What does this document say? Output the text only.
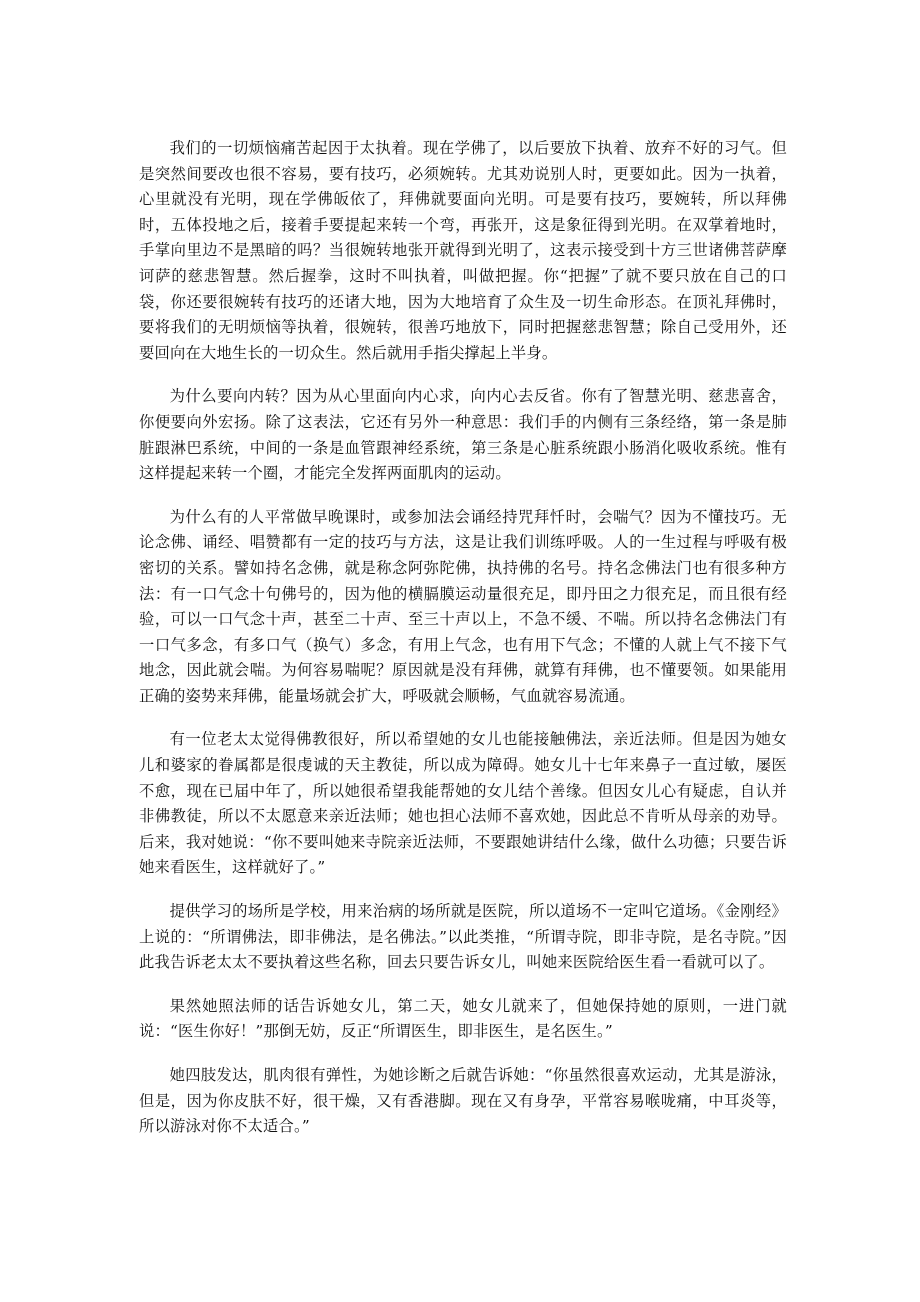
我们的一切烦恼痛苦起因于太执着。现在学佛了，以后要放下执着、放弃不好的习气。但是突然间要改也很不容易，要有技巧，必须婉转。尤其劝说别人时，更要如此。因为一执着，心里就没有光明，现在学佛皈依了，拜佛就要面向光明。可是要有技巧，要婉转，所以拜佛时，五体投地之后，接着手要提起来转一个弯，再张开，这是象征得到光明。在双掌着地时，手掌向里边不是黑暗的吗？当很婉转地张开就得到光明了，这表示接受到十方三世诸佛菩萨摩诃萨的慈悲智慧。然后握拳，这时不叫执着，叫做把握。你“把握”了就不要只放在自己的口袋，你还要很婉转有技巧的还诸大地，因为大地培育了众生及一切生命形态。在顶礼拜佛时，要将我们的无明烦恼等执着，很婉转，很善巧地放下，同时把握慈悲智慧；除自己受用外，还要回向在大地生长的一切众生。然后就用手指尖撑起上半身。

为什么要向内转？因为从心里面向内心求，向内心去反省。你有了智慧光明、慈悲喜舍，你便要向外宏扬。除了这表法，它还有另外一种意思：我们手的内侧有三条经络，第一条是肺脏跟淋巴系统，中间的一条是血管跟神经系统，第三条是心脏系统跟小肠消化吸收系统。惟有这样提起来转一个圈，才能完全发挥两面肌肉的运动。

为什么有的人平常做早晚课时，或参加法会诵经持咒拜忏时，会喘气？因为不懂技巧。无论念佛、诵经、唱赞都有一定的技巧与方法，这是让我们训练呼吸。人的一生过程与呼吸有极密切的关系。譬如持名念佛，就是称念阿弥陀佛，执持佛的名号。持名念佛法门也有很多种方法：有一口气念十句佛号的，因为他的横膈膜运动量很充足，即丹田之力很充足，而且很有经验，可以一口气念十声，甚至二十声、至三十声以上，不急不缓、不喘。所以持名念佛法门有一口气多念，有多口气（换气）多念，有用上气念，也有用下气念；不懂的人就上气不接下气地念，因此就会喘。为何容易喘呢？原因就是没有拜佛，就算有拜佛，也不懂要领。如果能用正确的姿势来拜佛，能量场就会扩大，呼吸就会顺畅，气血就容易流通。

有一位老太太觉得佛教很好，所以希望她的女儿也能接触佛法，亲近法师。但是因为她女儿和婆家的眷属都是很虔诚的天主教徒，所以成为障碍。她女儿十七年来鼻子一直过敏，屡医不愈，现在已届中年了，所以她很希望我能帮她的女儿结个善缘。但因女儿心有疑虑，自认并非佛教徒，所以不太愿意来亲近法师；她也担心法师不喜欢她，因此总不肯听从母亲的劝导。后来，我对她说：“你不要叫她来寺院亲近法师，不要跟她讲结什么缘，做什么功德；只要告诉她来看医生，这样就好了。”

提供学习的场所是学校，用来治病的场所就是医院，所以道场不一定叫它道场。《金刚经》上说的：“所谓佛法，即非佛法，是名佛法。”以此类推，“所谓寺院，即非寺院，是名寺院。”因此我告诉老太太不要执着这些名称，回去只要告诉女儿，叫她来医院给医生看一看就可以了。

果然她照法师的话告诉她女儿，第二天，她女儿就来了，但她保持她的原则，一进门就说：“医生你好！”那倒无妨，反正“所谓医生，即非医生，是名医生。”

她四肢发达，肌肉很有弹性，为她诊断之后就告诉她：“你虽然很喜欢运动，尤其是游泳，但是，因为你皮肤不好，很干燥，又有香港脚。现在又有身孕，平常容易喉咙痛，中耳炎等，所以游泳对你不太适合。”
